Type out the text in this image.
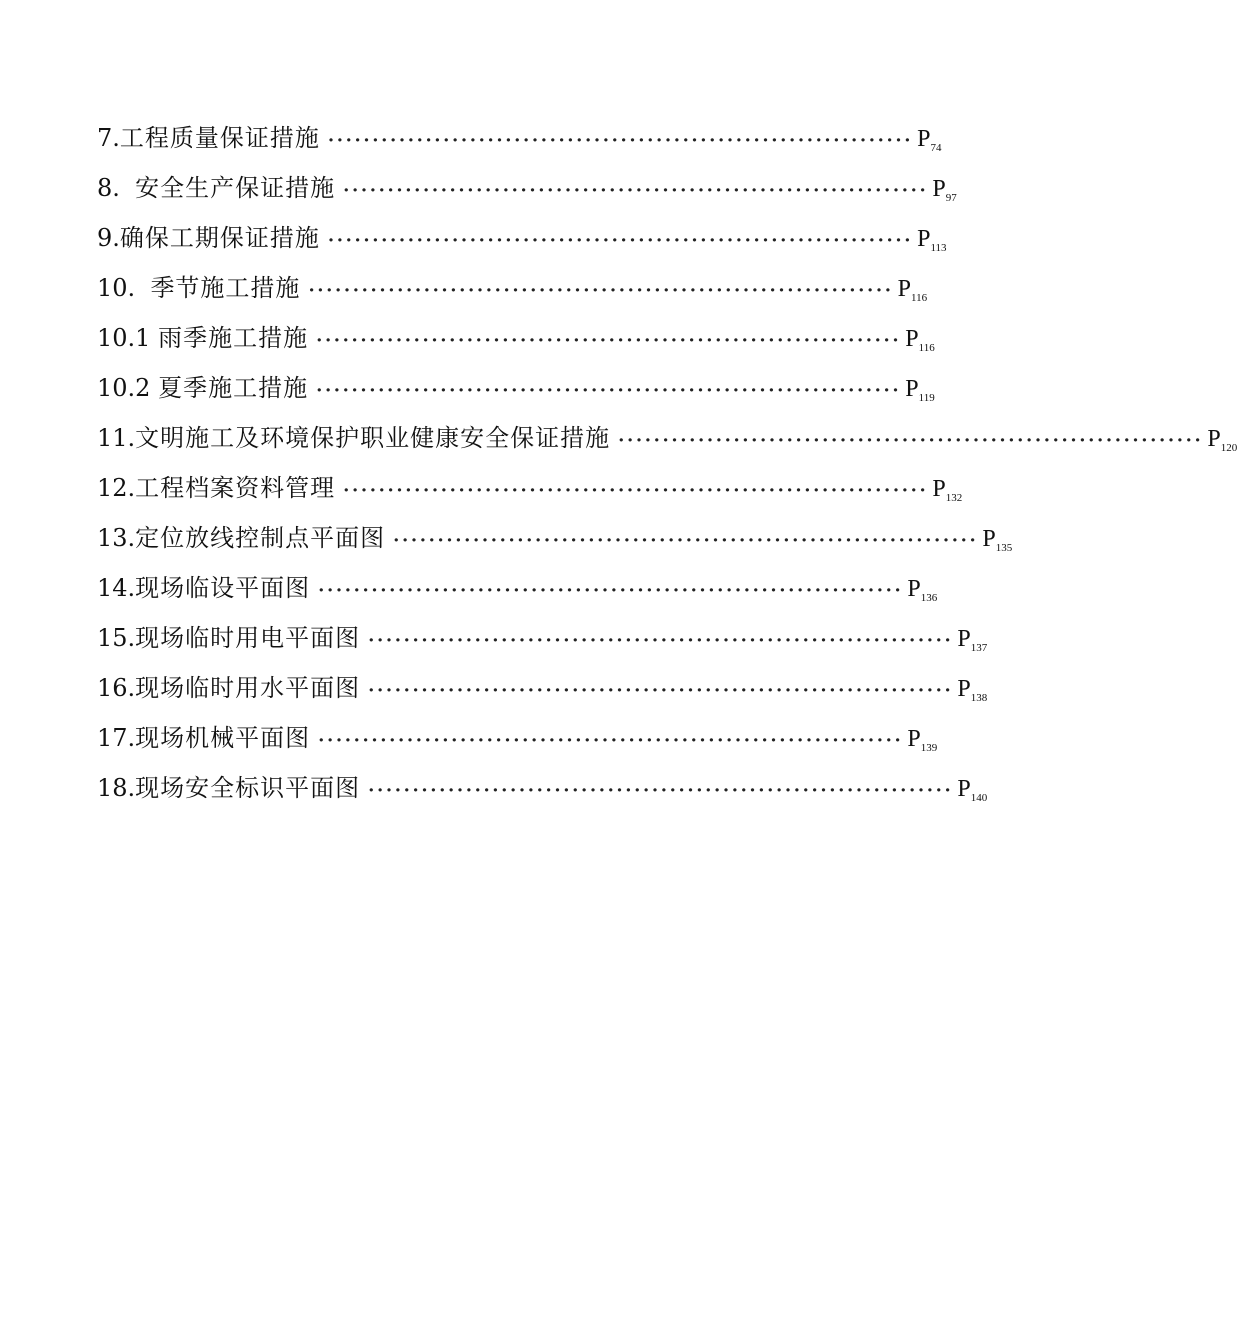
7. 工程质量保证措施 ·································································· $P_{74}$
8. 安全生产保证措施 ·································································· $P_{97}$
9. 确保工期保证措施 ·································································· $P_{113}$
10. 季节施工措施 ·································································· $P_{116}$
10.1 雨季施工措施 ·································································· $P_{116}$
10.2 夏季施工措施 ·································································· $P_{119}$
11. 文明施工及环境保护职业健康安全保证措施 ·································································· $P_{120}$
12. 工程档案资料管理 ·································································· $P_{132}$
13. 定位放线控制点平面图 ·································································· $P_{135}$
14. 现场临设平面图 ·································································· $P_{136}$
15. 现场临时用电平面图 ·································································· $P_{137}$
16. 现场临时用水平面图 ·································································· $P_{138}$
17. 现场机械平面图 ·································································· $P_{139}$
18. 现场安全标识平面图 ·································································· $P_{140}$
